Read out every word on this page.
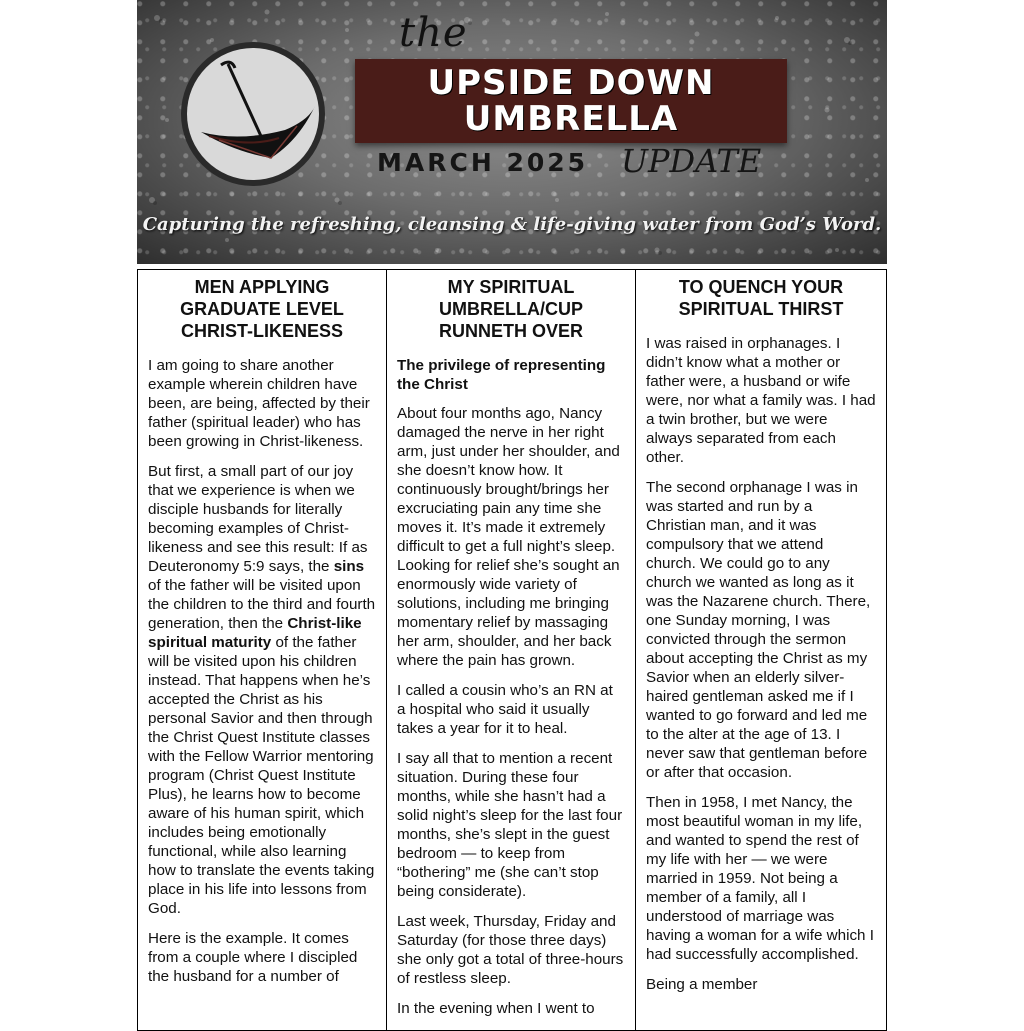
the
UPSIDE DOWN
UMBRELLA
MARCH 2025 UPDATE
Capturing the refreshing, cleansing & life-giving water from God’s Word.
MEN APPLYING GRADUATE LEVEL CHRIST-LIKENESS

I am going to share another example wherein children have been, are being, affected by their father (spiritual leader) who has been growing in Christ-likeness.

But first, a small part of our joy that we experience is when we disciple husbands for literally becoming examples of Christ-likeness and see this result: If as Deuteronomy 5:9 says, the sins of the father will be visited upon the children to the third and fourth generation, then the Christ-like spiritual maturity of the father will be visited upon his children instead. That happens when he’s accepted the Christ as his personal Savior and then through the Christ Quest Institute classes with the Fellow Warrior mentoring program (Christ Quest Institute Plus), he learns how to become aware of his human spirit, which includes being emotionally functional, while also learning how to translate the events taking place in his life into lessons from God.

Here is the example. It comes from a couple where I discipled the husband for a number of

MY SPIRITUAL UMBRELLA/CUP RUNNETH OVER

The privilege of representing the Christ

About four months ago, Nancy damaged the nerve in her right arm, just under her shoulder, and she doesn’t know how. It continuously brought/brings her excruciating pain any time she moves it. It’s made it extremely difficult to get a full night’s sleep. Looking for relief she’s sought an enormously wide variety of solutions, including me bringing momentary relief by massaging her arm, shoulder, and her back where the pain has grown.

I called a cousin who’s an RN at a hospital who said it usually takes a year for it to heal.

I say all that to mention a recent situation. During these four months, while she hasn’t had a solid night’s sleep for the last four months, she’s slept in the guest bedroom — to keep from “bothering” me (she can’t stop being considerate).

Last week, Thursday, Friday and Saturday (for those three days) she only got a total of three-hours of restless sleep.

In the evening when I went to

TO QUENCH YOUR SPIRITUAL THIRST

I was raised in orphanages. I didn’t know what a mother or father were, a husband or wife were, nor what a family was. I had a twin brother, but we were always separated from each other.

The second orphanage I was in was started and run by a Christian man, and it was compulsory that we attend church. We could go to any church we wanted as long as it was the Nazarene church. There, one Sunday morning, I was convicted through the sermon about accepting the Christ as my Savior when an elderly silver-haired gentleman asked me if I wanted to go forward and led me to the alter at the age of 13. I never saw that gentleman before or after that occasion.

Then in 1958, I met Nancy, the most beautiful woman in my life, and wanted to spend the rest of my life with her — we were married in 1959. Not being a member of a family, all I understood of marriage was having a woman for a wife which I had successfully accomplished.

Being a member
